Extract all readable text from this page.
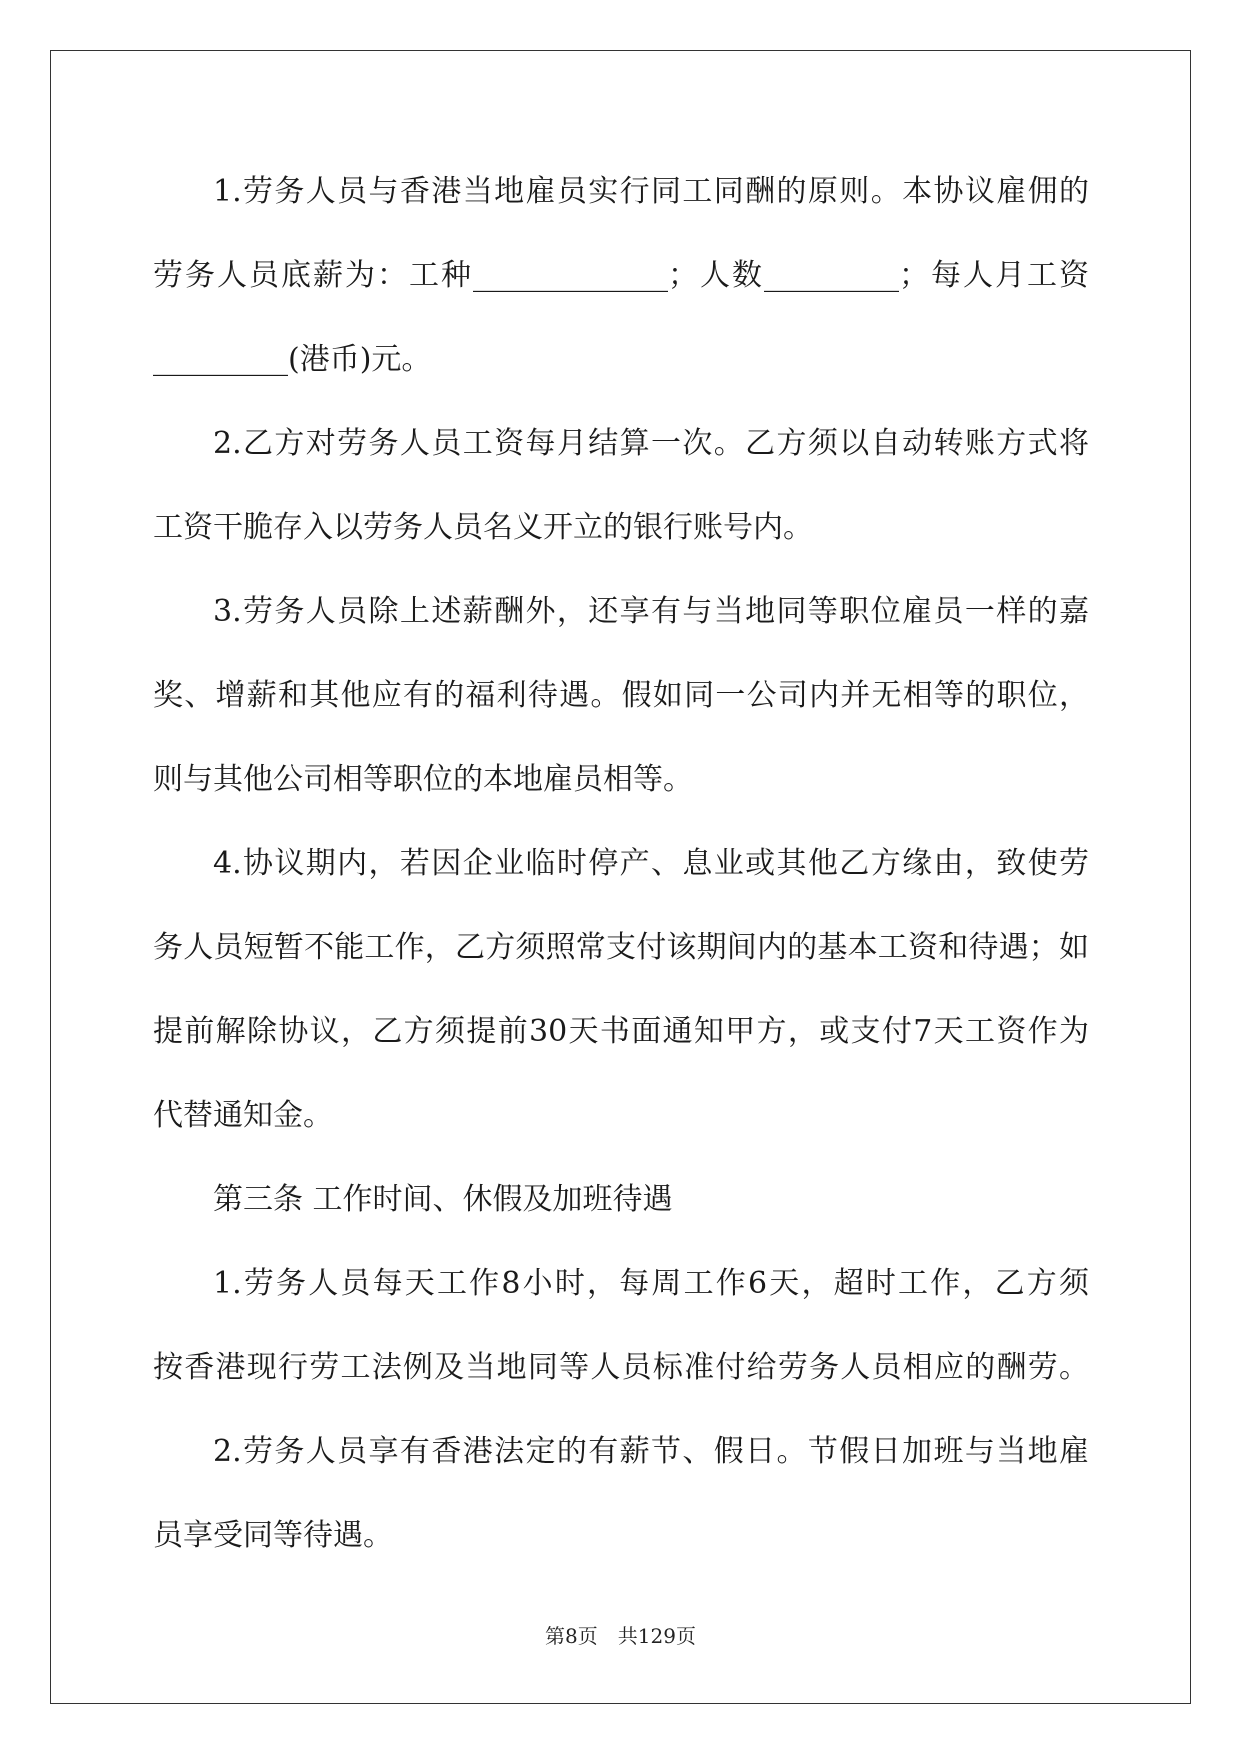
1.劳务人员与香港当地雇员实行同工同酬的原则。本协议雇佣的
劳务人员底薪为：工种_____________；人数_________；每人月工资
_________(港币)元。
2.乙方对劳务人员工资每月结算一次。乙方须以自动转账方式将
工资干脆存入以劳务人员名义开立的银行账号内。
3.劳务人员除上述薪酬外，还享有与当地同等职位雇员一样的嘉
奖、增薪和其他应有的福利待遇。假如同一公司内并无相等的职位，
则与其他公司相等职位的本地雇员相等。
4.协议期内，若因企业临时停产、息业或其他乙方缘由，致使劳
务人员短暂不能工作，乙方须照常支付该期间内的基本工资和待遇；如
提前解除协议，乙方须提前30天书面通知甲方，或支付7天工资作为
代替通知金。
第三条 工作时间、休假及加班待遇
1.劳务人员每天工作8小时，每周工作6天，超时工作，乙方须
按香港现行劳工法例及当地同等人员标准付给劳务人员相应的酬劳。
2.劳务人员享有香港法定的有薪节、假日。节假日加班与当地雇
员享受同等待遇。
第8页　共129页
